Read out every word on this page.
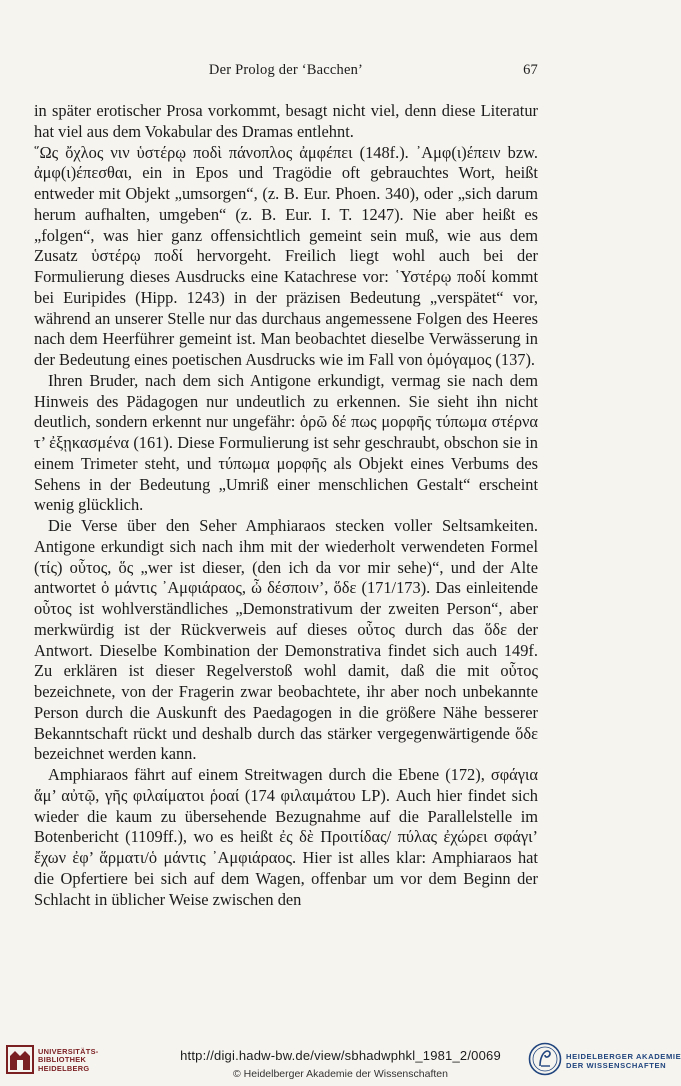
Der Prolog der ‘Bacchen’	67

in später erotischer Prosa vorkommt, besagt nicht viel, denn diese Literatur hat viel aus dem Vokabular des Dramas entlehnt.

῞Ως ὄχλος νιν ὑστέρῳ ποδὶ πάνοπλος ἀμφέπει (148f.). ᾿Αμφ(ι)έπειν bzw. ἀμφ(ι)έπεσθαι, ein in Epos und Tragödie oft gebrauchtes Wort, heißt entweder mit Objekt „umsorgen“, (z. B. Eur. Phoen. 340), oder „sich darum herum aufhalten, umgeben“ (z. B. Eur. I. T. 1247). Nie aber heißt es „folgen“, was hier ganz offensichtlich gemeint sein muß, wie aus dem Zusatz ὑστέρῳ ποδί hervorgeht. Freilich liegt wohl auch bei der Formulierung dieses Ausdrucks eine Katachrese vor: ῾Υστέρῳ ποδί kommt bei Euripides (Hipp. 1243) in der präzisen Bedeutung „verspätet“ vor, während an unserer Stelle nur das durchaus angemessene Folgen des Heeres nach dem Heerführer gemeint ist. Man beobachtet dieselbe Verwässerung in der Bedeutung eines poetischen Ausdrucks wie im Fall von ὁμόγαμος (137).

Ihren Bruder, nach dem sich Antigone erkundigt, vermag sie nach dem Hinweis des Pädagogen nur undeutlich zu erkennen. Sie sieht ihn nicht deutlich, sondern erkennt nur ungefähr: ὁρῶ δέ πως μορφῆς τύπωμα στέρνα τ’ ἐξῃκασμένα (161). Diese Formulierung ist sehr geschraubt, obschon sie in einem Trimeter steht, und τύπωμα μορφῆς als Objekt eines Verbums des Sehens in der Bedeutung „Umriß einer menschlichen Gestalt“ erscheint wenig glücklich.

Die Verse über den Seher Amphiaraos stecken voller Seltsamkeiten. Antigone erkundigt sich nach ihm mit der wiederholt verwendeten Formel (τίς) οὗτος, ὅς „wer ist dieser, (den ich da vor mir sehe)“, und der Alte antwortet ὁ μάντις ᾿Αμφιάραος, ὦ δέσποιν’, ὅδε (171/173). Das einleitende οὗτος ist wohlverständliches „Demonstrativum der zweiten Person“, aber merkwürdig ist der Rückverweis auf dieses οὗτος durch das ὅδε der Antwort. Dieselbe Kombination der Demonstrativa findet sich auch 149f. Zu erklären ist dieser Regelverstoß wohl damit, daß die mit οὗτος bezeichnete, von der Fragerin zwar beobachtete, ihr aber noch unbekannte Person durch die Auskunft des Paedagogen in die größere Nähe besserer Bekanntschaft rückt und deshalb durch das stärker vergegenwärtigende ὅδε bezeichnet werden kann.

Amphiaraos fährt auf einem Streitwagen durch die Ebene (172), σφάγια ἅμ’ αὐτῷ, γῆς φιλαίματοι ῥοαί (174 φιλαιμάτου LP). Auch hier findet sich wieder die kaum zu übersehende Bezugnahme auf die Parallelstelle im Botenbericht (1109ff.), wo es heißt ἐς δὲ Προιτίδας/ πύλας ἐχώρει σφάγι’ ἔχων ἐφ’ ἅρματι/ὁ μάντις ᾿Αμφιάραος. Hier ist alles klar: Amphiaraos hat die Opfertiere bei sich auf dem Wagen, offenbar um vor dem Beginn der Schlacht in üblicher Weise zwischen den

UNIVERSITÄTS-
BIBLIOTHEK
HEIDELBERG
http://digi.hadw-bw.de/view/sbhadwphkl_1981_2/0069
© Heidelberger Akademie der Wissenschaften
HEIDELBERGER AKADEMIE
DER WISSENSCHAFTEN
